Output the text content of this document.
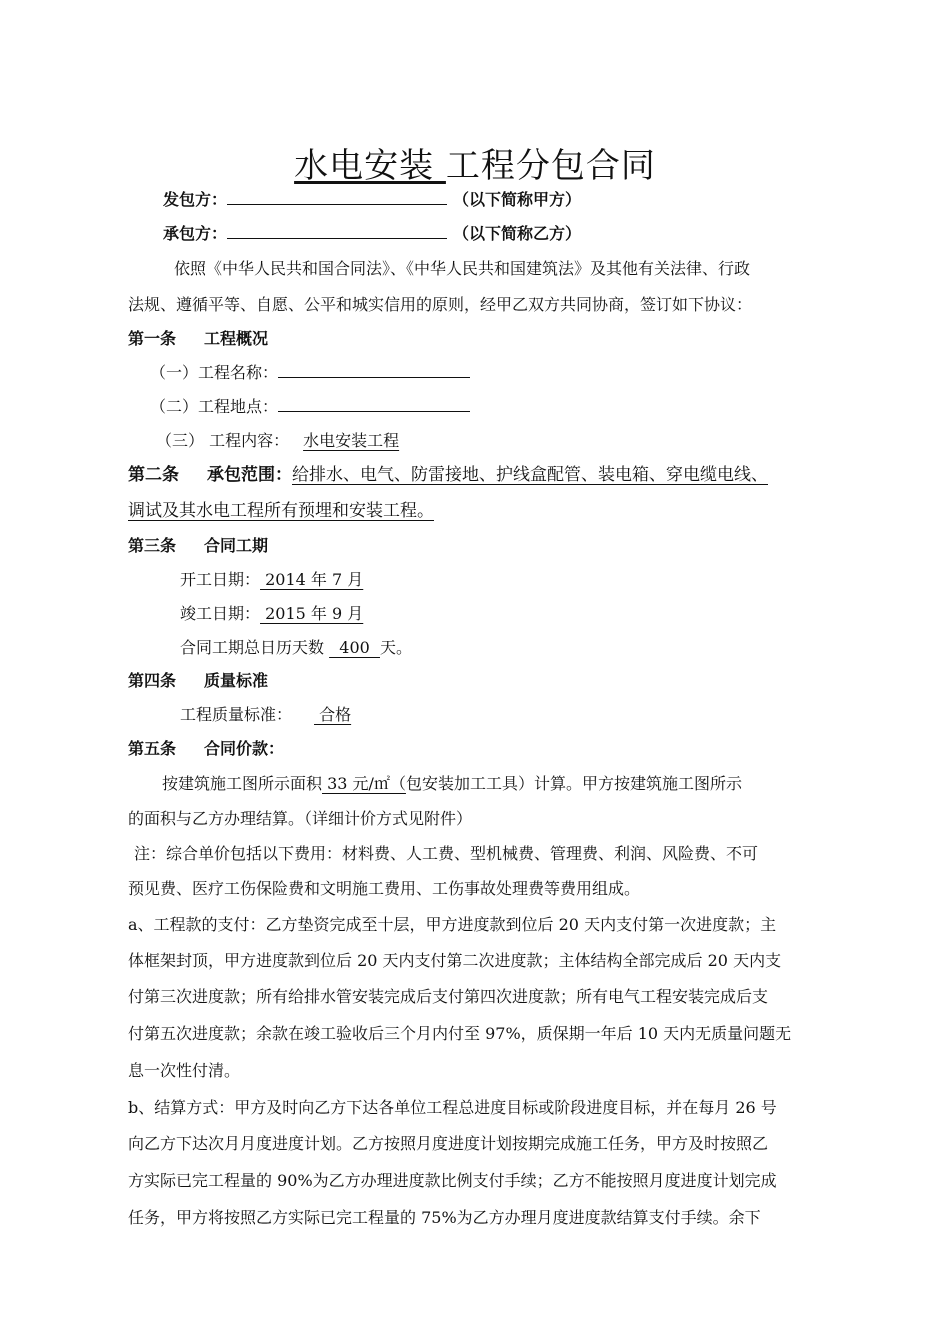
水电安装 工程分包合同
发包方：	（以下简称甲方）
承包方：	（以下简称乙方）
依照《中华人民共和国合同法》、《中华人民共和国建筑法》及其他有关法律、行政
法规、遵循平等、自愿、公平和城实信用的原则，经甲乙双方共同协商，签订如下协议：
第一条 工程概况
（一）工程名称：
（二）工程地点：
（三） 工程内容： 水电安装工程
第二条 承包范围：给排水、电气、防雷接地、护线盒配管、装电箱、穿电缆电线、
调试及其水电工程所有预埋和安装工程。
第三条 合同工期
开工日期： 2014 年 7 月
竣工日期： 2015 年 9 月
合同工期总日历天数   400  天。
第四条 质量标准
工程质量标准： 合格
第五条 合同价款：
按建筑施工图所示面积 33 元/㎡（包安装加工工具）计算。甲方按建筑施工图所示
的面积与乙方办理结算。（详细计价方式见附件）
注：综合单价包括以下费用：材料费、人工费、型机械费、管理费、利润、风险费、不可
预见费、医疗工伤保险费和文明施工费用、工伤事故处理费等费用组成。
a、工程款的支付：乙方垫资完成至十层，甲方进度款到位后 20 天内支付第一次进度款；主
体框架封顶，甲方进度款到位后 20 天内支付第二次进度款；主体结构全部完成后 20 天内支
付第三次进度款；所有给排水管安装完成后支付第四次进度款；所有电气工程安装完成后支
付第五次进度款；余款在竣工验收后三个月内付至 97%，质保期一年后 10 天内无质量问题无
息一次性付清。
b、结算方式：甲方及时向乙方下达各单位工程总进度目标或阶段进度目标，并在每月 26 号
向乙方下达次月月度进度计划。乙方按照月度进度计划按期完成施工任务，甲方及时按照乙
方实际已完工程量的 90%为乙方办理进度款比例支付手续；乙方不能按照月度进度计划完成
任务，甲方将按照乙方实际已完工程量的 75%为乙方办理月度进度款结算支付手续。余下
